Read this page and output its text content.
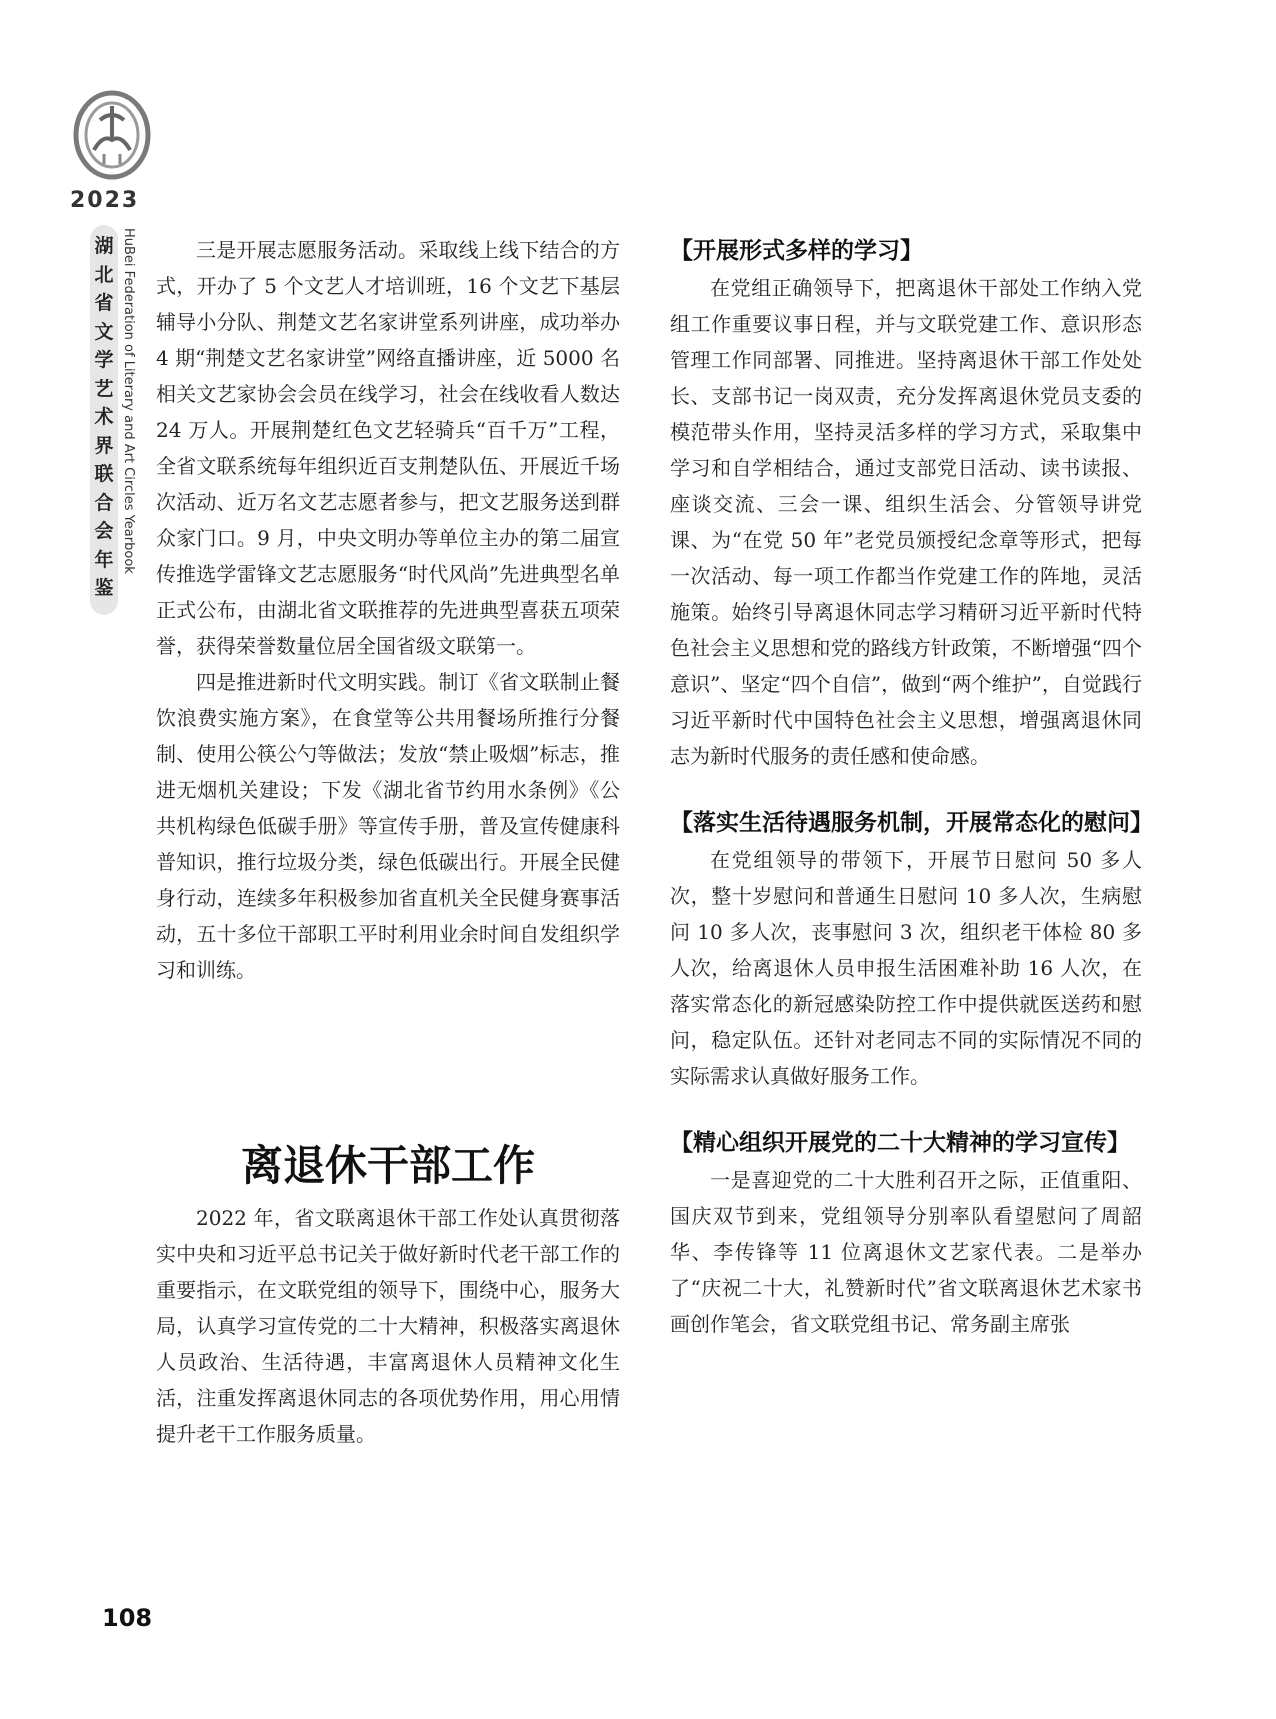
2023
湖北省文学艺术界联合会年鉴
HuBei Federation of Literary and Art Circles Yearbook	三是开展志愿服务活动。采取线上线下结合的方式，开办了 5 个文艺人才培训班，16 个文艺下基层辅导小分队、荆楚文艺名家讲堂系列讲座，成功举办 4 期“荆楚文艺名家讲堂”网络直播讲座，近 5000 名相关文艺家协会会员在线学习，社会在线收看人数达 24 万人。开展荆楚红色文艺轻骑兵“百千万”工程，全省文联系统每年组织近百支荆楚队伍、开展近千场次活动、近万名文艺志愿者参与，把文艺服务送到群众家门口。9 月，中央文明办等单位主办的第二届宣传推选学雷锋文艺志愿服务“时代风尚”先进典型名单正式公布，由湖北省文联推荐的先进典型喜获五项荣誉，获得荣誉数量位居全国省级文联第一。

四是推进新时代文明实践。制订《省文联制止餐饮浪费实施方案》，在食堂等公共用餐场所推行分餐制、使用公筷公勺等做法；发放“禁止吸烟”标志，推进无烟机关建设；下发《湖北省节约用水条例》《公共机构绿色低碳手册》等宣传手册，普及宣传健康科普知识，推行垃圾分类，绿色低碳出行。开展全民健身行动，连续多年积极参加省直机关全民健身赛事活动，五十多位干部职工平时利用业余时间自发组织学习和训练。

离退休干部工作

2022 年，省文联离退休干部工作处认真贯彻落实中央和习近平总书记关于做好新时代老干部工作的重要指示，在文联党组的领导下，围绕中心，服务大局，认真学习宣传党的二十大精神，积极落实离退休人员政治、生活待遇，丰富离退休人员精神文化生活，注重发挥离退休同志的各项优势作用，用心用情提升老干工作服务质量。

【开展形式多样的学习】

在党组正确领导下，把离退休干部处工作纳入党组工作重要议事日程，并与文联党建工作、意识形态管理工作同部署、同推进。坚持离退休干部工作处处长、支部书记一岗双责，充分发挥离退休党员支委的模范带头作用，坚持灵活多样的学习方式，采取集中学习和自学相结合，通过支部党日活动、读书读报、座谈交流、三会一课、组织生活会、分管领导讲党课、为“在党 50 年”老党员颁授纪念章等形式，把每一次活动、每一项工作都当作党建工作的阵地，灵活施策。始终引导离退休同志学习精研习近平新时代特色社会主义思想和党的路线方针政策，不断增强“四个意识”、坚定“四个自信”，做到“两个维护”，自觉践行习近平新时代中国特色社会主义思想，增强离退休同志为新时代服务的责任感和使命感。

【落实生活待遇服务机制，开展常态化的慰问】

在党组领导的带领下，开展节日慰问 50 多人次，整十岁慰问和普通生日慰问 10 多人次，生病慰问 10 多人次，丧事慰问 3 次，组织老干体检 80 多人次，给离退休人员申报生活困难补助 16 人次，在落实常态化的新冠感染防控工作中提供就医送药和慰问，稳定队伍。还针对老同志不同的实际情况不同的实际需求认真做好服务工作。

【精心组织开展党的二十大精神的学习宣传】

一是喜迎党的二十大胜利召开之际，正值重阳、国庆双节到来，党组领导分别率队看望慰问了周韶华、李传锋等 11 位离退休文艺家代表。二是举办了“庆祝二十大，礼赞新时代”省文联离退休艺术家书画创作笔会，省文联党组书记、常务副主席张

108
